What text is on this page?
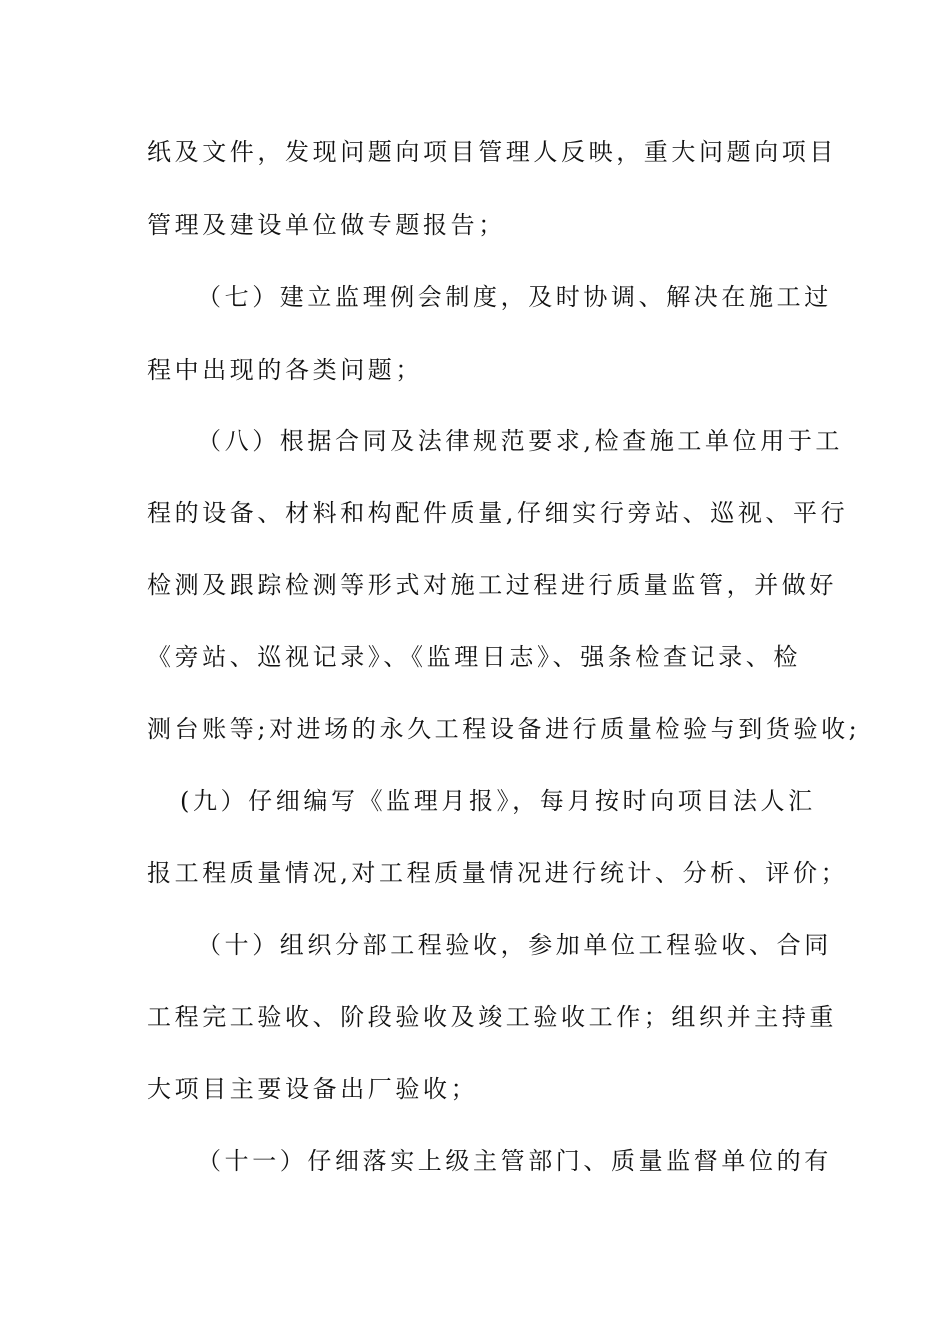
纸及文件，发现问题向项目管理人反映，重大问题向项目
管理及建设单位做专题报告；
（七）建立监理例会制度，及时协调、解决在施工过
程中出现的各类问题；
（八）根据合同及法律规范要求,检查施工单位用于工
程的设备、材料和构配件质量,仔细实行旁站、巡视、平行
检测及跟踪检测等形式对施工过程进行质量监管，并做好
《旁站、巡视记录》、《监理日志》、强条检查记录、检
测台账等;对进场的永久工程设备进行质量检验与到货验收;
(九）仔细编写《监理月报》，每月按时向项目法人汇
报工程质量情况,对工程质量情况进行统计、分析、评价；
（十）组织分部工程验收，参加单位工程验收、合同
工程完工验收、阶段验收及竣工验收工作；组织并主持重
大项目主要设备出厂验收；
（十一）仔细落实上级主管部门、质量监督单位的有
